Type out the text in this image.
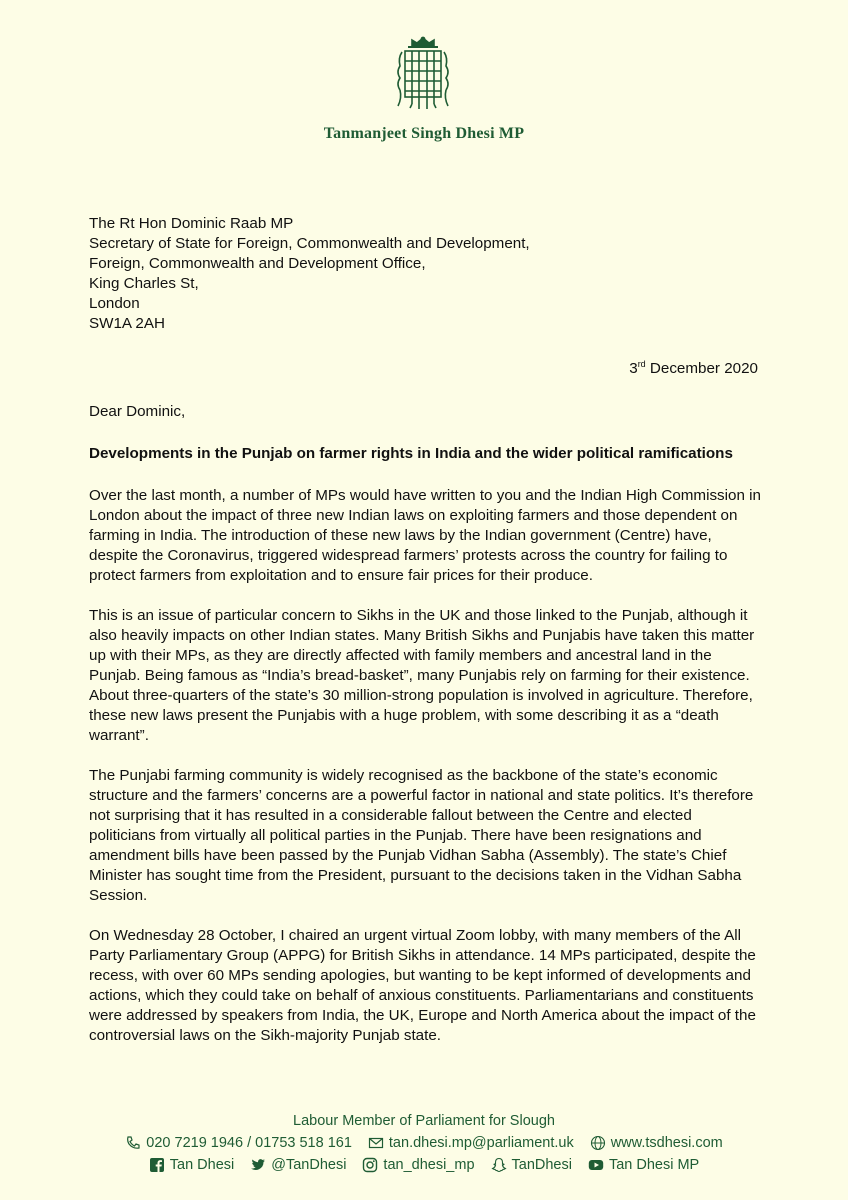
Tanmanjeet Singh Dhesi MP
The Rt Hon Dominic Raab MP
Secretary of State for Foreign, Commonwealth and Development,
Foreign, Commonwealth and Development Office,
King Charles St,
London
SW1A 2AH
3rd December 2020
Dear Dominic,
Developments in the Punjab on farmer rights in India and the wider political ramifications

Over the last month, a number of MPs would have written to you and the Indian High Commission in London about the impact of three new Indian laws on exploiting farmers and those dependent on farming in India. The introduction of these new laws by the Indian government (Centre) have, despite the Coronavirus, triggered widespread farmers’ protests across the country for failing to protect farmers from exploitation and to ensure fair prices for their produce.

This is an issue of particular concern to Sikhs in the UK and those linked to the Punjab, although it also heavily impacts on other Indian states. Many British Sikhs and Punjabis have taken this matter up with their MPs, as they are directly affected with family members and ancestral land in the Punjab. Being famous as “India’s bread-basket”, many Punjabis rely on farming for their existence. About three-quarters of the state’s 30 million-strong population is involved in agriculture. Therefore, these new laws present the Punjabis with a huge problem, with some describing it as a “death warrant”.

The Punjabi farming community is widely recognised as the backbone of the state’s economic structure and the farmers’ concerns are a powerful factor in national and state politics. It’s therefore not surprising that it has resulted in a considerable fallout between the Centre and elected politicians from virtually all political parties in the Punjab. There have been resignations and amendment bills have been passed by the Punjab Vidhan Sabha (Assembly). The state’s Chief Minister has sought time from the President, pursuant to the decisions taken in the Vidhan Sabha Session.

On Wednesday 28 October, I chaired an urgent virtual Zoom lobby, with many members of the All Party Parliamentary Group (APPG) for British Sikhs in attendance. 14 MPs participated, despite the recess, with over 60 MPs sending apologies, but wanting to be kept informed of developments and actions, which they could take on behalf of anxious constituents. Parliamentarians and constituents were addressed by speakers from India, the UK, Europe and North America about the impact of the controversial laws on the Sikh-majority Punjab state.

Labour Member of Parliament for Slough
020 7219 1946 / 01753 518 161	tan.dhesi.mp@parliament.uk	www.tsdhesi.com
Tan Dhesi	@TanDhesi	tan_dhesi_mp	TanDhesi	Tan Dhesi MP
